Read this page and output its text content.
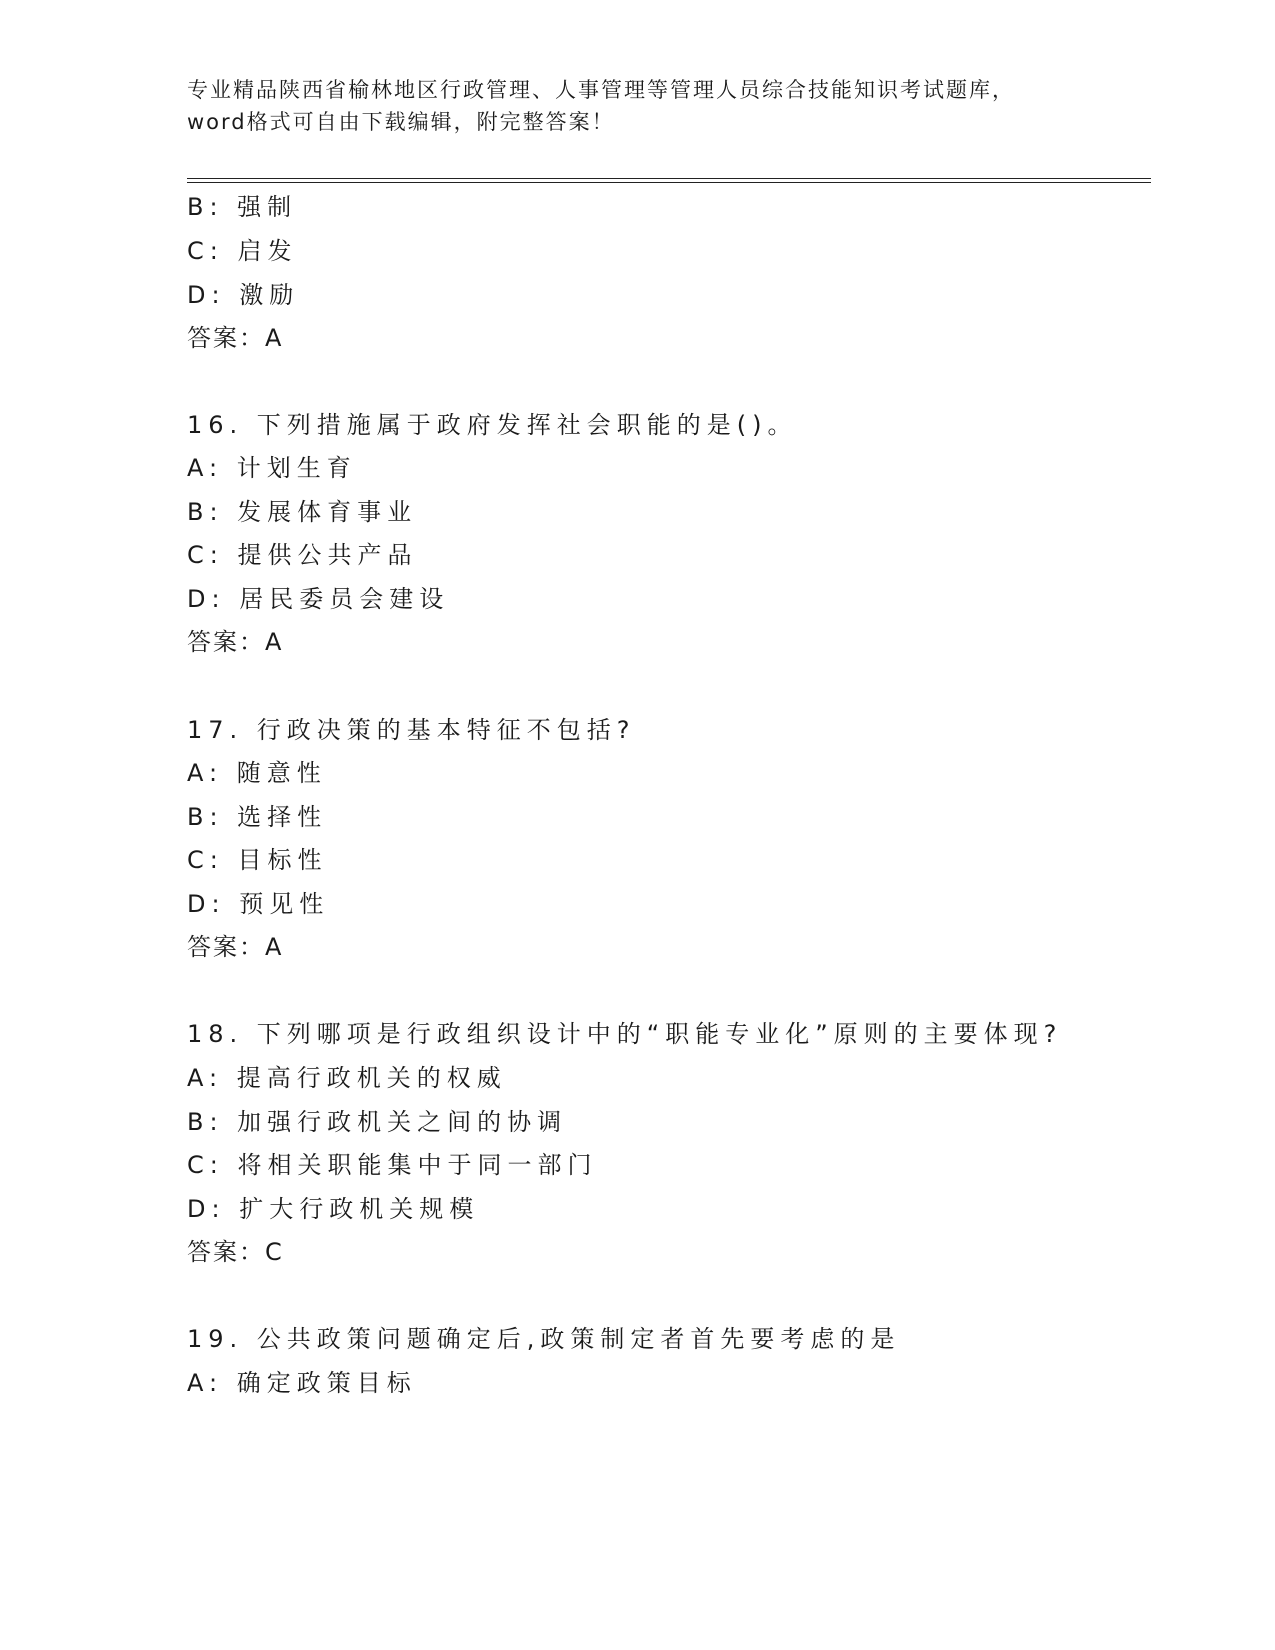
专业精品陕西省榆林地区行政管理、人事管理等管理人员综合技能知识考试题库，
word格式可自由下载编辑，附完整答案！
B: 强制
C: 启发
D: 激励
答案：A
16. 下列措施属于政府发挥社会职能的是()。
A: 计划生育
B: 发展体育事业
C: 提供公共产品
D: 居民委员会建设
答案：A
17. 行政决策的基本特征不包括?
A: 随意性
B: 选择性
C: 目标性
D: 预见性
答案：A
18. 下列哪项是行政组织设计中的“职能专业化”原则的主要体现?
A: 提高行政机关的权威
B: 加强行政机关之间的协调
C: 将相关职能集中于同一部门
D: 扩大行政机关规模
答案：C
19. 公共政策问题确定后,政策制定者首先要考虑的是
A: 确定政策目标
